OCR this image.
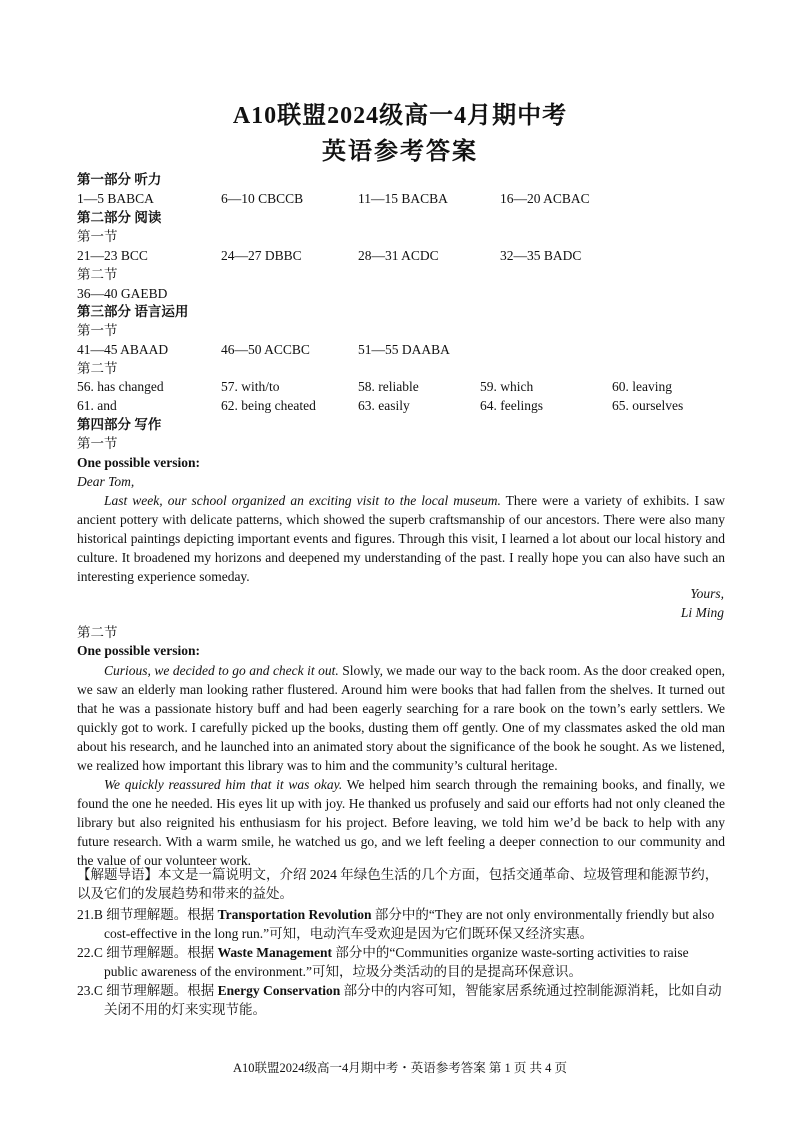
A10联盟2024级高一4月期中考
英语参考答案
第一部分 听力
1—5 BABCA	6—10 CBCCB	11—15 BACBA	16—20 ACBAC
第二部分 阅读
第一节
21—23 BCC	24—27 DBBC	28—31 ACDC	32—35 BADC
第二节
36—40 GAEBD
第三部分 语言运用
第一节
41—45 ABAAD	46—50 ACCBC	51—55 DAABA
第二节
56. has changed	57. with/to	58. reliable	59. which	60. leaving
61. and	62. being cheated	63. easily	64. feelings	65. ourselves
第四部分 写作
第一节
One possible version:
Dear Tom,

Last week, our school organized an exciting visit to the local museum. There were a variety of exhibits. I saw ancient pottery with delicate patterns, which showed the superb craftsmanship of our ancestors. There were also many historical paintings depicting important events and figures. Through this visit, I learned a lot about our local history and culture. It broadened my horizons and deepened my understanding of the past. I really hope you can also have such an interesting experience someday.

Yours,
Li Ming
第二节
One possible version:

Curious, we decided to go and check it out. Slowly, we made our way to the back room. As the door creaked open, we saw an elderly man looking rather flustered. Around him were books that had fallen from the shelves. It turned out that he was a passionate history buff and had been eagerly searching for a rare book on the town’s early settlers. We quickly got to work. I carefully picked up the books, dusting them off gently. One of my classmates asked the old man about his research, and he launched into an animated story about the significance of the book he sought. As we listened, we realized how important this library was to him and the community’s cultural heritage.

We quickly reassured him that it was okay. We helped him search through the remaining books, and finally, we found the one he needed. His eyes lit up with joy. He thanked us profusely and said our efforts had not only cleaned the library but also reignited his enthusiasm for his project. Before leaving, we told him we’d be back to help with any future research. With a warm smile, he watched us go, and we left feeling a deeper connection to our community and the value of our volunteer work.

【解题导语】本文是一篇说明文，介绍 2024 年绿色生活的几个方面，包括交通革命、垃圾管理和能源节约，以及它们的发展趋势和带来的益处。
21.B 细节理解题。根据 Transportation Revolution 部分中的“They are not only environmentally friendly but also cost-effective in the long run.”可知，电动汽车受欢迎是因为它们既环保又经济实惠。
22.C 细节理解题。根据 Waste Management 部分中的“Communities organize waste-sorting activities to raise public awareness of the environment.”可知，垃圾分类活动的目的是提高环保意识。
23.C 细节理解题。根据 Energy Conservation 部分中的内容可知，智能家居系统通过控制能源消耗，比如自动关闭不用的灯来实现节能。
A10联盟2024级高一4月期中考・英语参考答案 第 1 页 共 4 页
